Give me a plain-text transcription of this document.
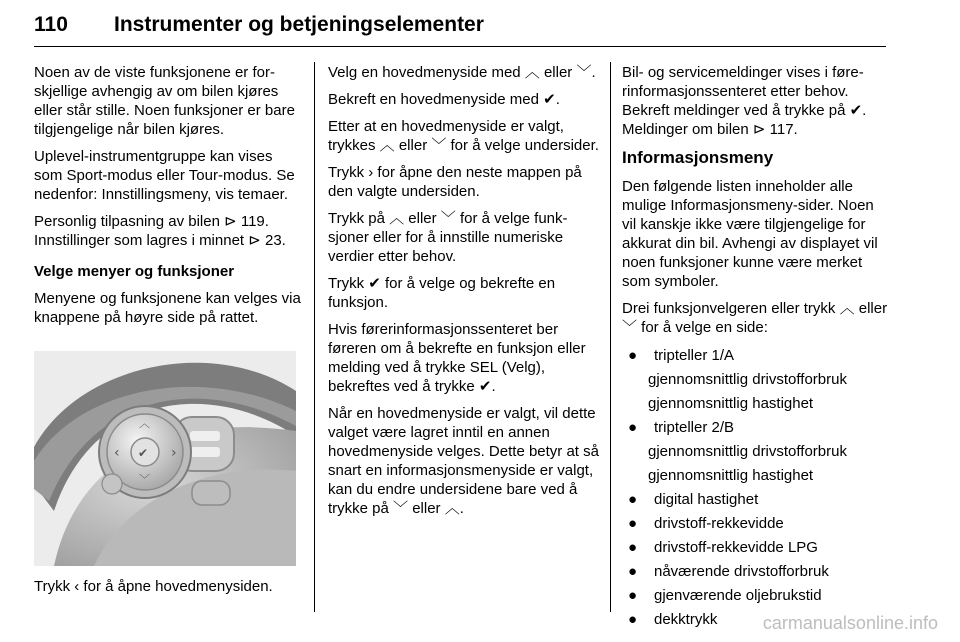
110 Instrumenter og betjeningselementer

Noen av de viste funksjonene er forskjellige avhengig av om bilen kjøres eller står stille. Noen funksjoner er bare tilgjengelige når bilen kjøres.

Uplevel-instrumentgruppe kan vises som Sport-modus eller Tour-modus. Se nedenfor: Innstillingsmeny, vis temaer.

Personlig tilpasning av bilen ⊳ 119. Innstillinger som lagres i minnet ⊳ 23.

Velge menyer og funksjoner

Menyene og funksjonene kan velges via knappene på høyre side på rattet.

✔
︿
﹀
‹	›
Trykk ‹ for å åpne hovedmenysiden.

Velg en hovedmenyside med ︿ eller ﹀.

Bekreft en hovedmenyside med ✔.

Etter at en hovedmenyside er valgt, trykkes ︿ eller ﹀ for å velge undersider.

Trykk › for åpne den neste mappen på den valgte undersiden.

Trykk på ︿ eller ﹀ for å velge funksjoner eller for å innstille numeriske verdier etter behov.

Trykk ✔ for å velge og bekrefte en funksjon.

Hvis førerinformasjonssenteret ber føreren om å bekrefte en funksjon eller melding ved å trykke SEL (Velg), bekreftes ved å trykke ✔.

Når en hovedmenyside er valgt, vil dette valget være lagret inntil en annen hovedmenyside velges. Dette betyr at så snart en informasjonsmenyside er valgt, kan du endre undersidene bare ved å trykke på ﹀ eller ︿.

Bil- og servicemeldinger vises i førerinformasjonssenteret etter behov. Bekreft meldinger ved å trykke på ✔. Meldinger om bilen ⊳ 117.

Informasjonsmeny

Den følgende listen inneholder alle mulige Informasjonsmeny-sider. Noen vil kanskje ikke være tilgjengelige for akkurat din bil. Avhengi av displayet vil noen funksjoner kunne være merket som symboler.

Drei funksjonvelgeren eller trykk ︿ eller ﹀ for å velge en side:

●	tripteller 1/A
gjennomsnittlig drivstofforbruk
gjennomsnittlig hastighet
●	tripteller 2/B
gjennomsnittlig drivstofforbruk
gjennomsnittlig hastighet
●	digital hastighet
●	drivstoff-rekkevidde
●	drivstoff-rekkevidde LPG
●	nåværende drivstofforbruk
●	gjenværende oljebrukstid
●	dekktrykk	carmanualsonline.info
